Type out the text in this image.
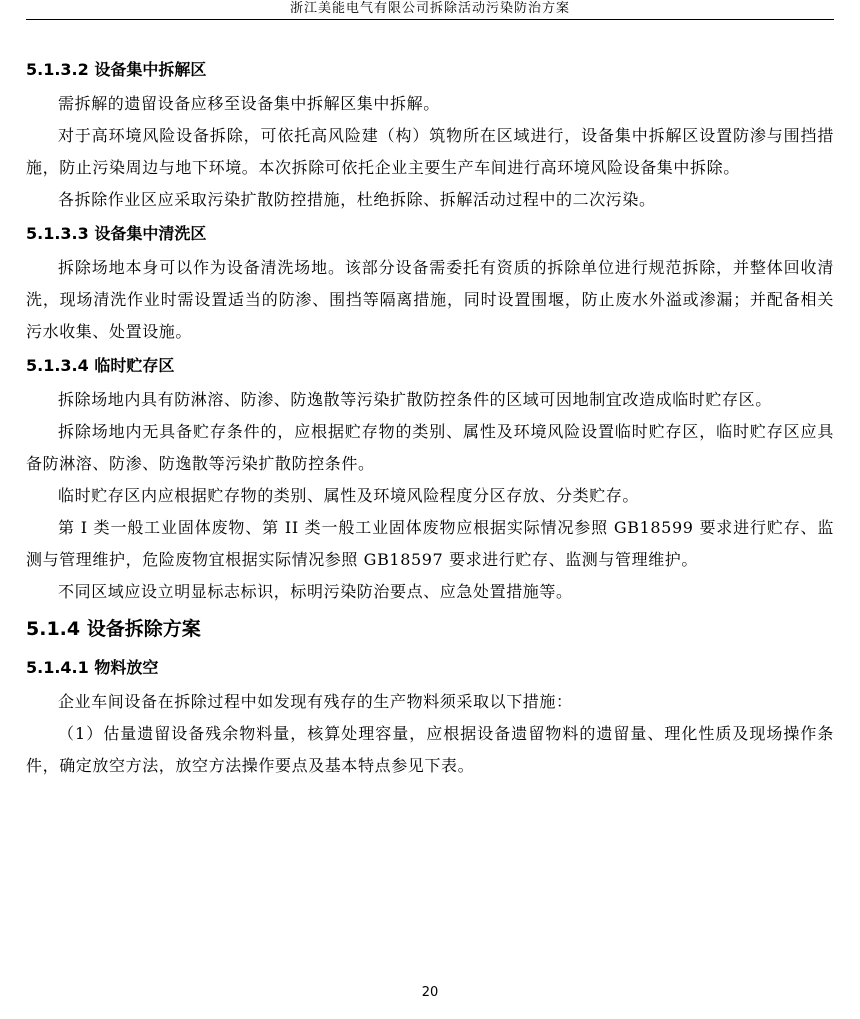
浙江美能电气有限公司拆除活动污染防治方案
5.1.3.2 设备集中拆解区

需拆解的遗留设备应移至设备集中拆解区集中拆解。

对于高环境风险设备拆除，可依托高风险建（构）筑物所在区域进行，设备集中拆解区设置防渗与围挡措施，防止污染周边与地下环境。本次拆除可依托企业主要生产车间进行高环境风险设备集中拆除。

各拆除作业区应采取污染扩散防控措施，杜绝拆除、拆解活动过程中的二次污染。

5.1.3.3 设备集中清洗区

拆除场地本身可以作为设备清洗场地。该部分设备需委托有资质的拆除单位进行规范拆除，并整体回收清洗，现场清洗作业时需设置适当的防渗、围挡等隔离措施，同时设置围堰，防止废水外溢或渗漏；并配备相关污水收集、处置设施。

5.1.3.4 临时贮存区

拆除场地内具有防淋溶、防渗、防逸散等污染扩散防控条件的区域可因地制宜改造成临时贮存区。

拆除场地内无具备贮存条件的，应根据贮存物的类别、属性及环境风险设置临时贮存区，临时贮存区应具备防淋溶、防渗、防逸散等污染扩散防控条件。

临时贮存区内应根据贮存物的类别、属性及环境风险程度分区存放、分类贮存。

第 I 类一般工业固体废物、第 II 类一般工业固体废物应根据实际情况参照 GB18599 要求进行贮存、监测与管理维护，危险废物宜根据实际情况参照 GB18597 要求进行贮存、监测与管理维护。

不同区域应设立明显标志标识，标明污染防治要点、应急处置措施等。

5.1.4 设备拆除方案
5.1.4.1 物料放空

企业车间设备在拆除过程中如发现有残存的生产物料须采取以下措施：

（1）估量遗留设备残余物料量，核算处理容量，应根据设备遗留物料的遗留量、理化性质及现场操作条件，确定放空方法，放空方法操作要点及基本特点参见下表。

20
